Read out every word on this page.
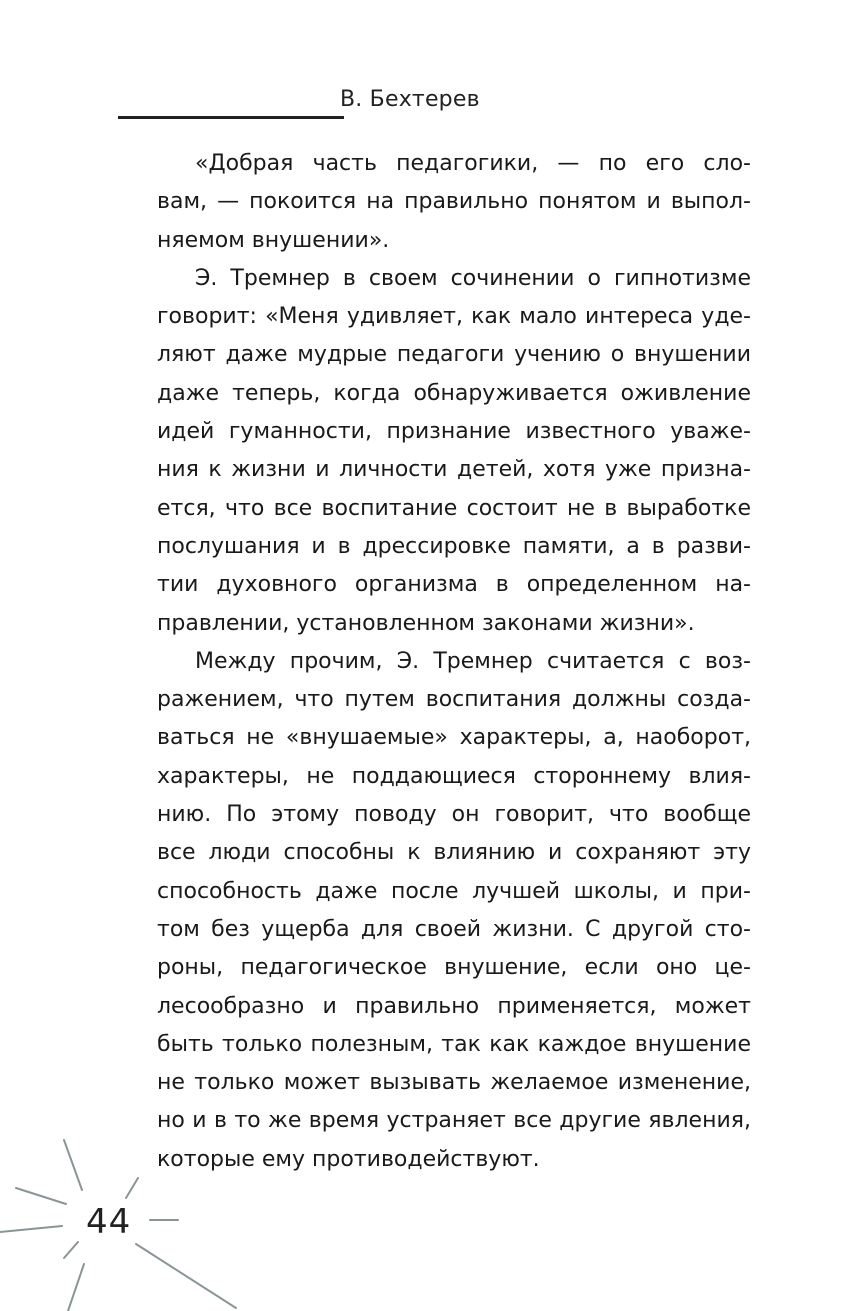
В. Бехтерев
«Добрая часть педагогики, — по его сло-
вам, — покоится на правильно понятом и выпол-
няемом внушении».
Э. Тремнер в своем сочинении о гипнотизме
говорит: «Меня удивляет, как мало интереса уде-
ляют даже мудрые педагоги учению о внушении
даже теперь, когда обнаруживается оживление
идей гуманности, признание известного уваже-
ния к жизни и личности детей, хотя уже призна-
ется, что все воспитание состоит не в выработке
послушания и в дрессировке памяти, а в разви-
тии духовного организма в определенном на-
правлении, установленном законами жизни».
Между прочим, Э. Тремнер считается с воз-
ражением, что путем воспитания должны созда-
ваться не «внушаемые» характеры, а, наоборот,
характеры, не поддающиеся стороннему влия-
нию. По этому поводу он говорит, что вообще
все люди способны к влиянию и сохраняют эту
способность даже после лучшей школы, и при-
том без ущерба для своей жизни. С другой сто-
роны, педагогическое внушение, если оно це-
лесообразно и правильно применяется, может
быть только полезным, так как каждое внушение
не только может вызывать желаемое изменение,
но и в то же время устраняет все другие явления,
которые ему противодействуют.
44
